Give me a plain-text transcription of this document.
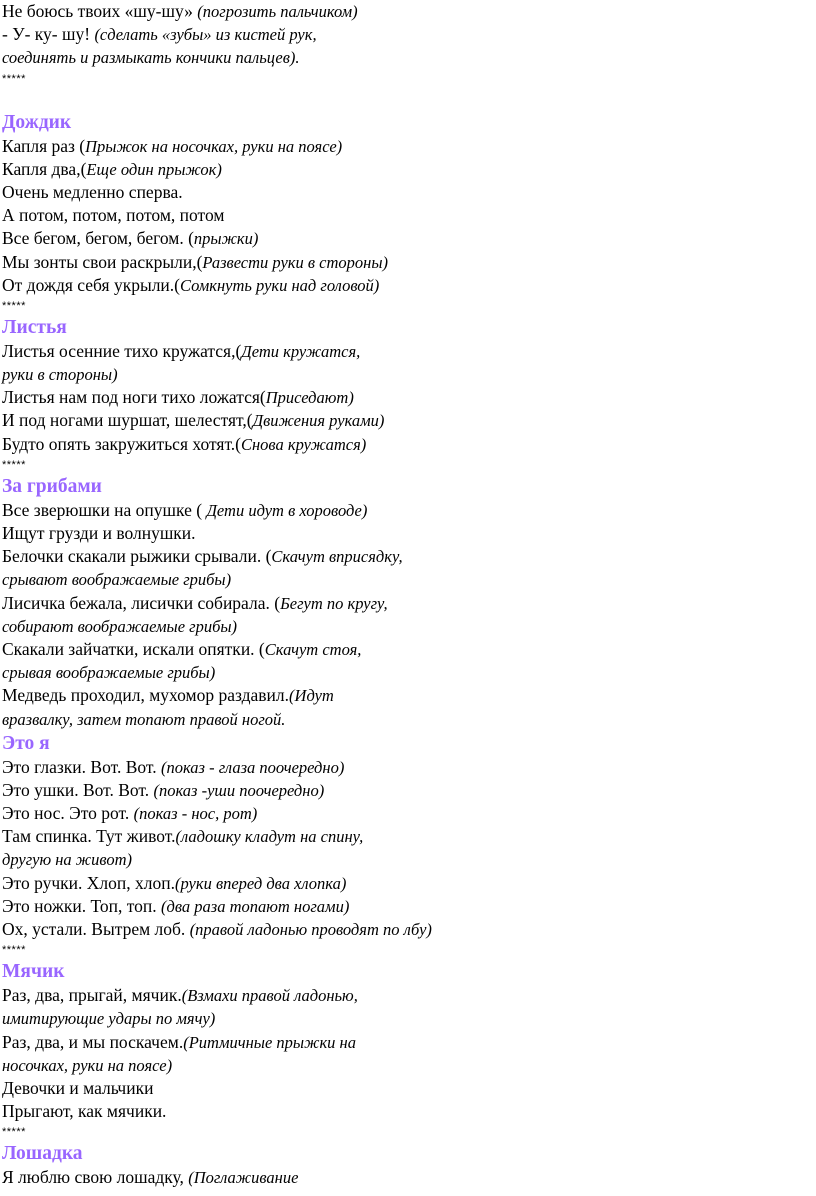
Не боюсь твоих «шу-шу» (погрозить пальчиком)
- У- ку- шу! (сделать «зубы» из кистей рук,
соединять и размыкать кончики пальцев).
*****
Дождик
Капля раз (Прыжок на носочках, руки на поясе)
Капля два,(Еще один прыжок)
Очень медленно сперва.
А потом, потом, потом, потом
Все бегом, бегом, бегом. (прыжки)
Мы зонты свои раскрыли,(Развести руки в стороны)
От дождя себя укрыли.(Сомкнуть руки над головой)
*****
Листья
Листья осенние тихо кружатся,(Дети кружатся,
руки в стороны)
Листья нам под ноги тихо ложатся(Приседают)
И под ногами шуршат, шелестят,(Движения руками)
Будто опять закружиться хотят.(Снова кружатся)
*****
За грибами
Все зверюшки на опушке ( Дети идут в хороводе)
Ищут грузди и волнушки.
Белочки скакали рыжики срывали. (Скачут вприсядку,
срывают воображаемые грибы)
Лисичка бежала, лисички собирала. (Бегут по кругу,
собирают воображаемые грибы)
Скакали зайчатки, искали опятки. (Скачут стоя,
срывая воображаемые грибы)
Медведь проходил, мухомор раздавил.(Идут
вразвалку, затем топают правой ногой.
Это я
Это глазки. Вот. Вот. (показ - глаза поочередно)
Это ушки. Вот. Вот. (показ -уши поочередно)
Это нос. Это рот. (показ - нос, рот)
Там спинка. Тут живот.(ладошку кладут на спину,
другую на живот)
Это ручки. Хлоп, хлоп.(руки вперед два хлопка)
Это ножки. Топ, топ. (два раза топают ногами)
Ох, устали. Вытрем лоб. (правой ладонью проводят по лбу)
*****
Мячик
Раз, два, прыгай, мячик.(Взмахи правой ладонью,
имитирующие удары по мячу)
Раз, два, и мы поскачем.(Ритмичные прыжки на
носочках, руки на поясе)
Девочки и мальчики
Прыгают, как мячики.
*****
Лошадка
Я люблю свою лошадку, (Поглаживание
